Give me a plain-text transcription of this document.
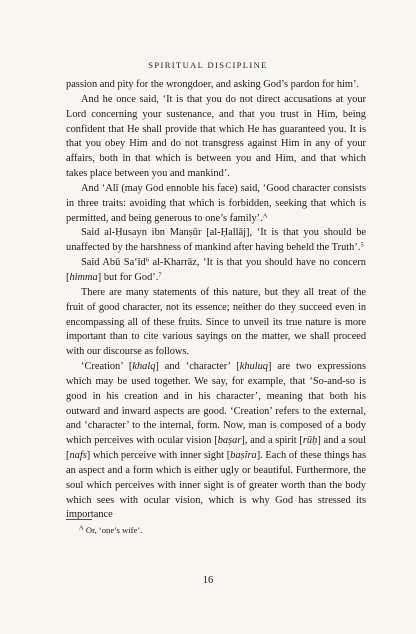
SPIRITUAL DISCIPLINE

passion and pity for the wrongdoer, and asking God’s pardon for him’.

And he once said, ‘It is that you do not direct accusations at your Lord concerning your sustenance, and that you trust in Him, being confident that He shall provide that which He has guaranteed you. It is that you obey Him and do not transgress against Him in any of your affairs, both in that which is between you and Him, and that which takes place between you and mankind’.

And ‘Alī (may God ennoble his face) said, ‘Good character consists in three traits: avoiding that which is forbidden, seeking that which is permitted, and being generous to one’s family’.$^A$

Said al-Ḥusayn ibn Manṣūr [al-Ḥallāj], ‘It is that you should be unaffected by the harshness of mankind after having beheld the Truth’.$^5$

Said Abū $Sa‘īd^6$ al-Kharrāz, ‘It is that you should have no concern [himma] but for God’.$^7$

There are many statements of this nature, but they all treat of the fruit of good character, not its essence; neither do they succeed even in encompassing all of these fruits. Since to unveil its true nature is more important than to cite various sayings on the matter, we shall proceed with our discourse as follows.

‘Creation’ [khalq] and ‘character’ [khuluq] are two expressions which may be used together. We say, for example, that ‘So-and-so is good in his creation and in his character’, meaning that both his outward and inward aspects are good. ‘Creation’ refers to the external, and ‘character’ to the internal, form. Now, man is composed of a body which perceives with ocular vision [baṣar], and a spirit [rūḥ] and a soul [nafs] which perceive with inner sight [baṣīra]. Each of these things has an aspect and a form which is either ugly or beautiful. Furthermore, the soul which perceives with inner sight is of greater worth than the body which sees with ocular vision, which is why God has stressed its importance

$^A$ Or, ‘one’s wife’.
16
